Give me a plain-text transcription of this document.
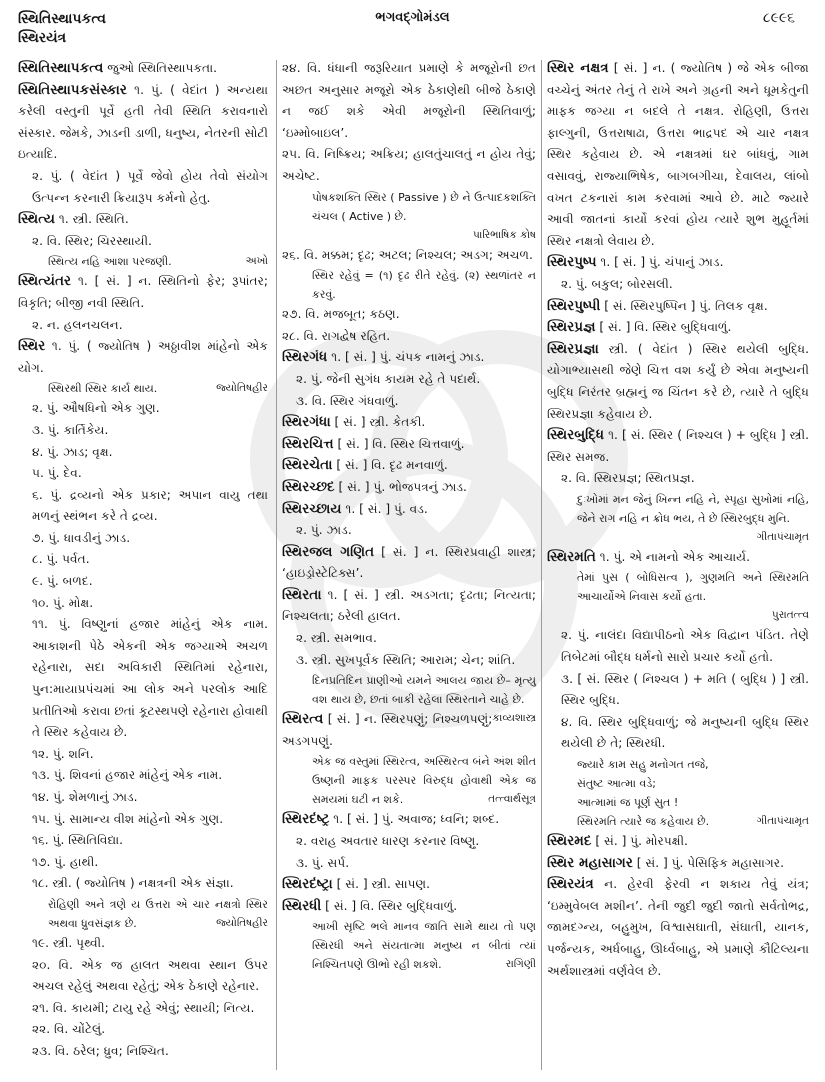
સ્થિતિસ્થાપકત્વ
સ્થિરયંત્ર
ભગવદ્ગોમંડલ	૮૯૯૬

સ્થિતિસ્થાપકત્વ જુઓ સ્થિતિસ્થાપકતા.

સ્થિતિસ્થાપકસંસ્કાર ૧. પું. ( વેદાંત ) અન્યથા કરેલી વસ્તુની પૂર્વે હતી તેવી સ્થિતિ કરાવનારો સંસ્કાર. જેમકે, ઝાડની ડાળી, ધનુષ્ય, નેતરની સોટી ઇત્યાદિ.

૨. પું. ( વેદાંત ) પૂર્વે જેવો હોય તેવો સંયોગ ઉત્પન્ન કરનારી ક્રિયારૂપ કર્મનો હેતુ.

સ્થિત્ય ૧. સ્ત્રી. સ્થિતિ.

૨. વિ. સ્થિર; ચિરસ્થાયી.

સ્થિત્ય નહિ આશા પરજણી.	અખો

સ્થિત્યંતર ૧. [ સં. ] ન. સ્થિતિનો ફેર; રૂપાંતર; વિકૃતિ; બીજી નવી સ્થિતિ.

૨. ન. હલનચલન.

સ્થિર ૧. પું. ( જ્યોતિષ ) અઠ્ઠાવીશ માંહેનો એક યોગ.

સ્થિરથી સ્થિર કાર્ય થાય.	જ્યોતિષહીર

૨. પું. ઔષધિનો એક ગુણ.

૩. પું. કાર્તિકેય.

૪. પું. ઝાડ; વૃક્ષ.

૫. પું. દેવ.

૬. પું. દ્રવ્યનો એક પ્રકાર; અપાન વાયુ તથા મળનું સ્થંભન કરે તે દ્રવ્ય.

૭. પું. ધાવડીનું ઝાડ.

૮. પું. પર્વત.

૯. પું. બળદ.

૧૦. પું. મોક્ષ.

૧૧. પું. વિષ્ણુનાં હજાર માંહેનું એક નામ. આકાશની પેઠે એકની એક જગ્યાએ અચળ રહેનારા, સદા અવિકારી સ્થિતિમાં રહેનારા, પુન:માયાપ્રપંચમાં આ લોક અને પરલોક આદિ પ્રતીતિઓ કરાવા છતાં કૂટસ્થપણે રહેનારા હોવાથી તે સ્થિર કહેવાય છે.

૧૨. પું. શનિ.

૧૩. પું. શિવનાં હજાર માંહેનું એક નામ.

૧૪. પું. શેમળાનું ઝાડ.

૧૫. પું. સામાન્ય વીશ માંહેનો એક ગુણ.

૧૬. પું. સ્થિતિવિદ્યા.

૧૭. પું. હાથી.

૧૮. સ્ત્રી. ( જ્યોતિષ ) નક્ષત્રની એક સંજ્ઞા.

રોહિણી અને ત્રણે ય ઉત્તરા એ ચાર નક્ષત્રો સ્થિર અથવા ધ્રુવસંજ્ઞક છે.	જ્યોતિષહીર

૧૯. સ્ત્રી. પૃથ્વી.

૨૦. વિ. એક જ હાલત અથવા સ્થાન ઉપર અચલ રહેલું અથવા રહેતું; એક ઠેકાણે રહેનાર.

૨૧. વિ. કાયમી; ટાયુ રહે એવું; સ્થાયી; નિત્ય.

૨૨. વિ. ચોંટેલું.

૨૩. વિ. ઠરેલ; ધ્રુવ; નિશ્ચિત.

૨૪. વિ. ધંધાની જરૂરિયાત પ્રમાણે કે મજૂરોની છત અછત અનુસાર મજૂરો એક ઠેકાણેથી બીજે ઠેકાણે ન જઈ શકે એવી મજૂરોની સ્થિતિવાળું; ‘ઇમ્મોબાઇલ’.

૨૫. વિ. નિષ્ક્રિય; અક્રિય; હાલતુંચાલતું ન હોય તેવું; અચેષ્ટ.

પોષકશક્તિ સ્થિર ( Passive ) છે ને ઉત્પાદકશક્તિ ચંચલ ( Active ) છે.

પારિભાષિક કોષ

૨૬. વિ. મક્કમ; દૃઢ; અટલ; નિશ્ચલ; અડગ; અચળ.

સ્થિર રહેવું = (૧) દૃઢ રીતે રહેવું. (૨) સ્થળાંતર ન કરવું.

૨૭. વિ. મજબૂત; કઠણ.

૨૮. વિ. રાગદ્વેષ રહિત.

સ્થિરગંધ ૧. [ સં. ] પું. ચંપક નામનું ઝાડ.

૨. પું. જેની સુગંધ કાયમ રહે તે પદાર્થ.

૩. વિ. સ્થિર ગંધવાળું.

સ્થિરગંધા [ સં. ] સ્ત્રી. કેતકી.

સ્થિરચિત્ત [ સં. ] વિ. સ્થિર ચિત્તવાળું.

સ્થિરચેતા [ સં. ] વિ. દૃઢ મનવાળું.

સ્થિરચ્છદ [ સં. ] પું. ભોજપત્રનું ઝાડ.

સ્થિરચ્છાય ૧. [ સં. ] પું. વડ.

૨. પું. ઝાડ.

સ્થિરજલ ગણિત [ સં. ] ન. સ્થિરપ્રવાહી શાસ્ત્ર; ‘હાઇડ્રોસ્ટેટિક્સ’.

સ્થિરતા ૧. [ સં. ] સ્ત્રી. અડગતા; દૃઢતા; નિત્યતા; નિશ્ચલતા; ઠરેલી હાલત.

૨. સ્ત્રી. સમભાવ.

૩. સ્ત્રી. સુખપૂર્વક સ્થિતિ; આરામ; ચેન; શાંતિ.

દિનપ્રતિદિન પ્રાણીઓ યમને આલય જાય છે– મૃત્યુ વશ થાય છે, છતાં બાકી રહેલા સ્થિરતાને ચાહે છે.
કાવ્યશાસ્ત્ર

સ્થિરત્વ [ સં. ] ન. સ્થિરપણું; નિશ્ચળપણું; અડગપણું.

એક જ વસ્તુમાં સ્થિરત્વ, અસ્થિરત્વ બંને અંશ શીત ઉષ્ણની માફક પરસ્પર વિરુદ્ધ હોવાથી એક જ સમયમાં ઘટી ન શકે.	તત્ત્વાર્થસૂત્ર

સ્થિરદંષ્ટ્ર ૧. [ સં. ] પું. અવાજ; ધ્વનિ; શબ્દ.

૨. વરાહ અવતાર ધારણ કરનાર વિષ્ણુ.

૩. પું. સર્પ.

સ્થિરદંષ્ટ્રા [ સં. ] સ્ત્રી. સાપણ.

સ્થિરધી [ સં. ] વિ. સ્થિર બુદ્ધિવાળું.

આખી સૃષ્ટિ ભલે માનવ જાતિ સામે થાય તો પણ સ્થિરધી અને સંયતાત્મા મનુષ્ય ન બીતાં ત્યાં નિશ્ચિતપણે ઊભો રહી શકશે.	રાગિણી

સ્થિર નક્ષત્ર [ સં. ] ન. ( જ્યોતિષ ) જે એક બીજા વચ્ચેનું અંતર તેનું તે રાખે અને ગ્રહની અને ધૂમકેતુની માફક જગ્યા ન બદલે તે નક્ષત્ર. રોહિણી, ઉત્તરા ફાલ્ગુની, ઉત્તરાષાઢા, ઉત્તરા ભાદ્રપદ એ ચાર નક્ષત્ર સ્થિર કહેવાય છે. એ નક્ષત્રમાં ઘર બાંધવું, ગામ વસાવવું, રાજ્યાભિષેક, બાગબગીચા, દેવાલય, લાંબો વખત ટકનારાં કામ કરવામાં આવે છે. માટે જ્યારે આવી જાતનાં કાર્યો કરવાં હોય ત્યારે શુભ મુહૂર્તમાં સ્થિર નક્ષત્રો લેવાય છે.

સ્થિરપુષ્પ ૧. [ સં. ] પું. ચંપાનું ઝાડ.

૨. પું. બકુલ; બોરસલી.

સ્થિરપુષ્પી [ સં. સ્થિરપુષ્પિન ] પું. તિલક વૃક્ષ.

સ્થિરપ્રજ્ઞ [ સં. ] વિ. સ્થિર બુદ્ધિવાળું.

સ્થિરપ્રજ્ઞા સ્ત્રી. ( વેદાંત ) સ્થિર થયેલી બુદ્ધિ. યોગાભ્યાસથી જેણે ચિત્ત વશ કર્યું છે એવા મનુષ્યની બુદ્ધિ નિરંતર બ્રહ્મનું જ ચિંતન કરે છે, ત્યારે તે બુદ્ધિ સ્થિરપ્રજ્ઞા કહેવાય છે.

સ્થિરબુદ્ધિ ૧. [ સં. સ્થિર ( નિશ્ચલ ) + બુદ્ધિ ] સ્ત્રી. સ્થિર સમજ.

૨. વિ. સ્થિરપ્રજ્ઞ; સ્થિતપ્રજ્ઞ.

દુઃખોમાં મન જેનું ખિન્ન નહિ ને, સ્પૃહા સુખોમાં નહિ, જેને રાગ નહિ ન ક્રોધ ભય, તે છે સ્થિરબુદ્ધ મુનિ.

ગીતાપંચામૃત

સ્થિરમતિ ૧. પું. એ નામનો એક આચાર્ય.

તેમાં પુસ ( બોધિસત્વ ), ગુણમતિ અને સ્થિરમતિ આચાર્યોએ નિવાસ કર્યો હતા.

પુરાતત્ત્વ

૨. પું. નાલંદા વિદ્યાપીઠનો એક વિદ્વાન પંડિત. તેણે તિબેટમાં બૌદ્ધ ધર્મનો સારો પ્રચાર કર્યો હતો.

૩. [ સં. સ્થિર ( નિશ્ચલ ) + મતિ ( બુદ્ધિ ) ] સ્ત્રી. સ્થિર બુદ્ધિ.

૪. વિ. સ્થિર બુદ્ધિવાળું; જે મનુષ્યની બુદ્ધિ સ્થિર થયેલી છે તે; સ્થિરધી.

જ્યારે કામ સહુ મનોગત તજે,

સંતુષ્ટ આત્મા વડે;

આત્મામાં જ પૂર્ણ સુત !

સ્થિરમતિ ત્યારે જ કહેવાય છે.	ગીતાપંચામૃત

સ્થિરમદ [ સં. ] પું. મોરપક્ષી.

સ્થિર મહાસાગર [ સં. ] પું. પેસિફિક મહાસાગર.

સ્થિરયંત્ર ન. હેરવી ફેરવી ન શકાય તેવું યંત્ર; ‘ઇમ્મુવેબલ મશીન’. તેની જુદી જુદી જાતો સર્વતોભદ્ર, જામદગ્ન્ય, બહુમુખ, વિશ્વાસઘાતી, સંઘાતી, યાનક, પર્જન્યક, અર્ધબાહુ, ઊર્ધ્વબાહુ, એ પ્રમાણે કૌટિલ્યના અર્થશાસ્ત્રમાં વર્ણવેલ છે.
